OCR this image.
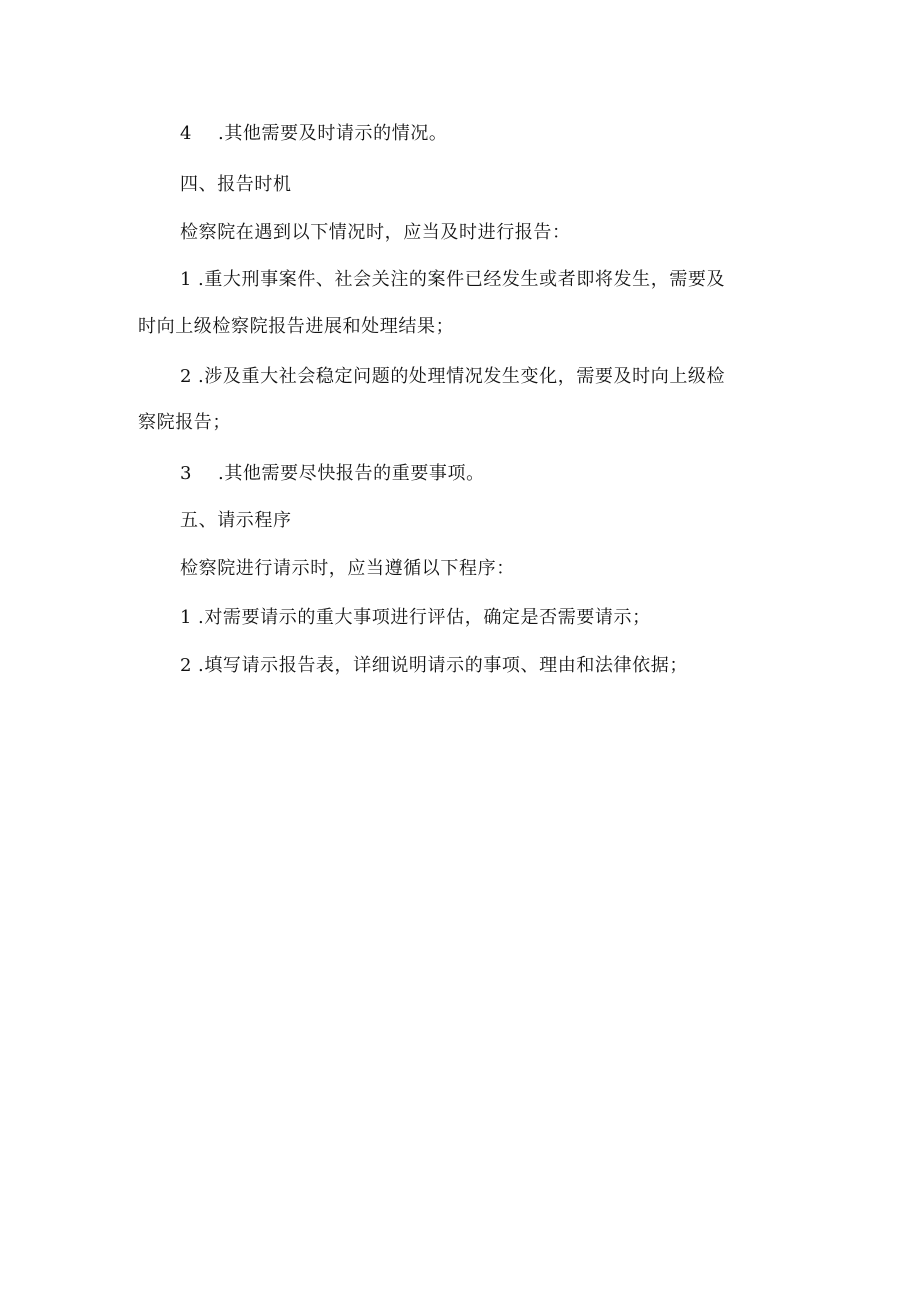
4 .其他需要及时请示的情况。
四、报告时机
检察院在遇到以下情况时，应当及时进行报告：
1 .重大刑事案件、社会关注的案件已经发生或者即将发生，需要及
时向上级检察院报告进展和处理结果；
2 .涉及重大社会稳定问题的处理情况发生变化，需要及时向上级检
察院报告；
3 .其他需要尽快报告的重要事项。
五、请示程序
检察院进行请示时，应当遵循以下程序：
1 .对需要请示的重大事项进行评估，确定是否需要请示；
2 .填写请示报告表，详细说明请示的事项、理由和法律依据；
